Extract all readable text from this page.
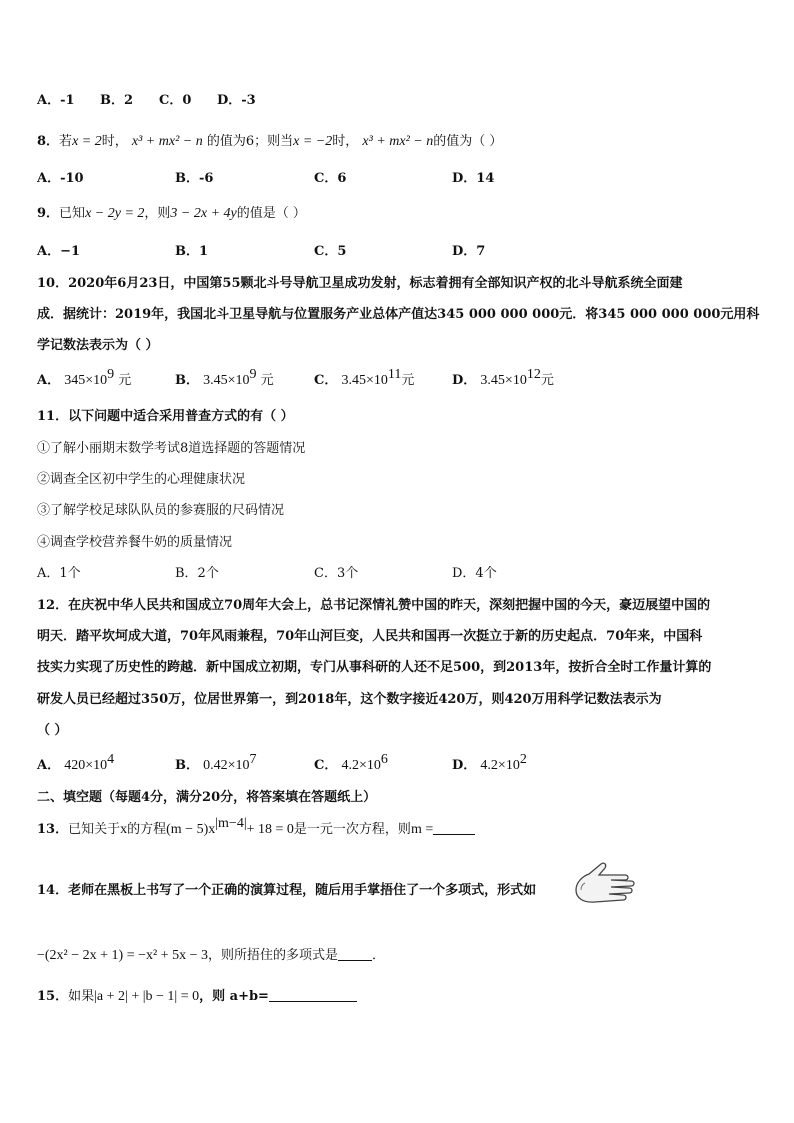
A．-1 B．2 C．0 D．-3
8．若x = 2时， x³ + mx² − n 的值为6；则当x = −2时， x³ + mx² − n的值为（ ）
A．-10	B．-6	C．6	D．14
9．已知x − 2y = 2，则3 − 2x + 4y的值是（ ）
A．−1	B．1	C．5	D．7
10．2020年6月23日，中国第55颗北斗号导航卫星成功发射，标志着拥有全部知识产权的北斗导航系统全面建
成．据统计：2019年，我国北斗卫星导航与位置服务产业总体产值达345 000 000 000元．将345 000 000 000元用科
学记数法表示为（ ）
A． $345\times 10^9$ 元	B． $3.45\times 10^9$ 元	C． $3.45\times 10^{11}$元	D． $3.45\times 10^{12}$元
11．以下问题中适合采用普查方式的有（ ）
①了解小丽期末数学考试8道选择题的答题情况
②调查全区初中学生的心理健康状况
③了解学校足球队队员的参赛服的尺码情况
④调查学校营养餐牛奶的质量情况
A．1个	B．2个	C．3个	D．4个
12．在庆祝中华人民共和国成立70周年大会上，总书记深情礼赞中国的昨天，深刻把握中国的今天，豪迈展望中国的
明天．踏平坎坷成大道，70年风雨兼程，70年山河巨变，人民共和国再一次挺立于新的历史起点．70年来，中国科
技实力实现了历史性的跨越．新中国成立初期，专门从事科研的人还不足500，到2013年，按折合全时工作量计算的
研发人员已经超过350万，位居世界第一，到2018年，这个数字接近420万，则420万用科学记数法表示为
（ ）
A． $420\times 10^4$	B． $0.42\times 10^7$	C． $4.2\times 10^6$	D． $4.2\times 10^2$
二、填空题（每题4分，满分20分，将答案填在答题纸上）
13．已知关于x的方程$(m - 5)x^{|m-4|}+ 18 = 0$是一元一次方程，则m =
14．老师在黑板上书写了一个正确的演算过程，随后用手掌捂住了一个多项式，形式如
−(2x² − 2x + 1) = −x² + 5x − 3，则所捂住的多项式是	．
15．如果|a + 2| + |b − 1| = 0，则 a+b=
